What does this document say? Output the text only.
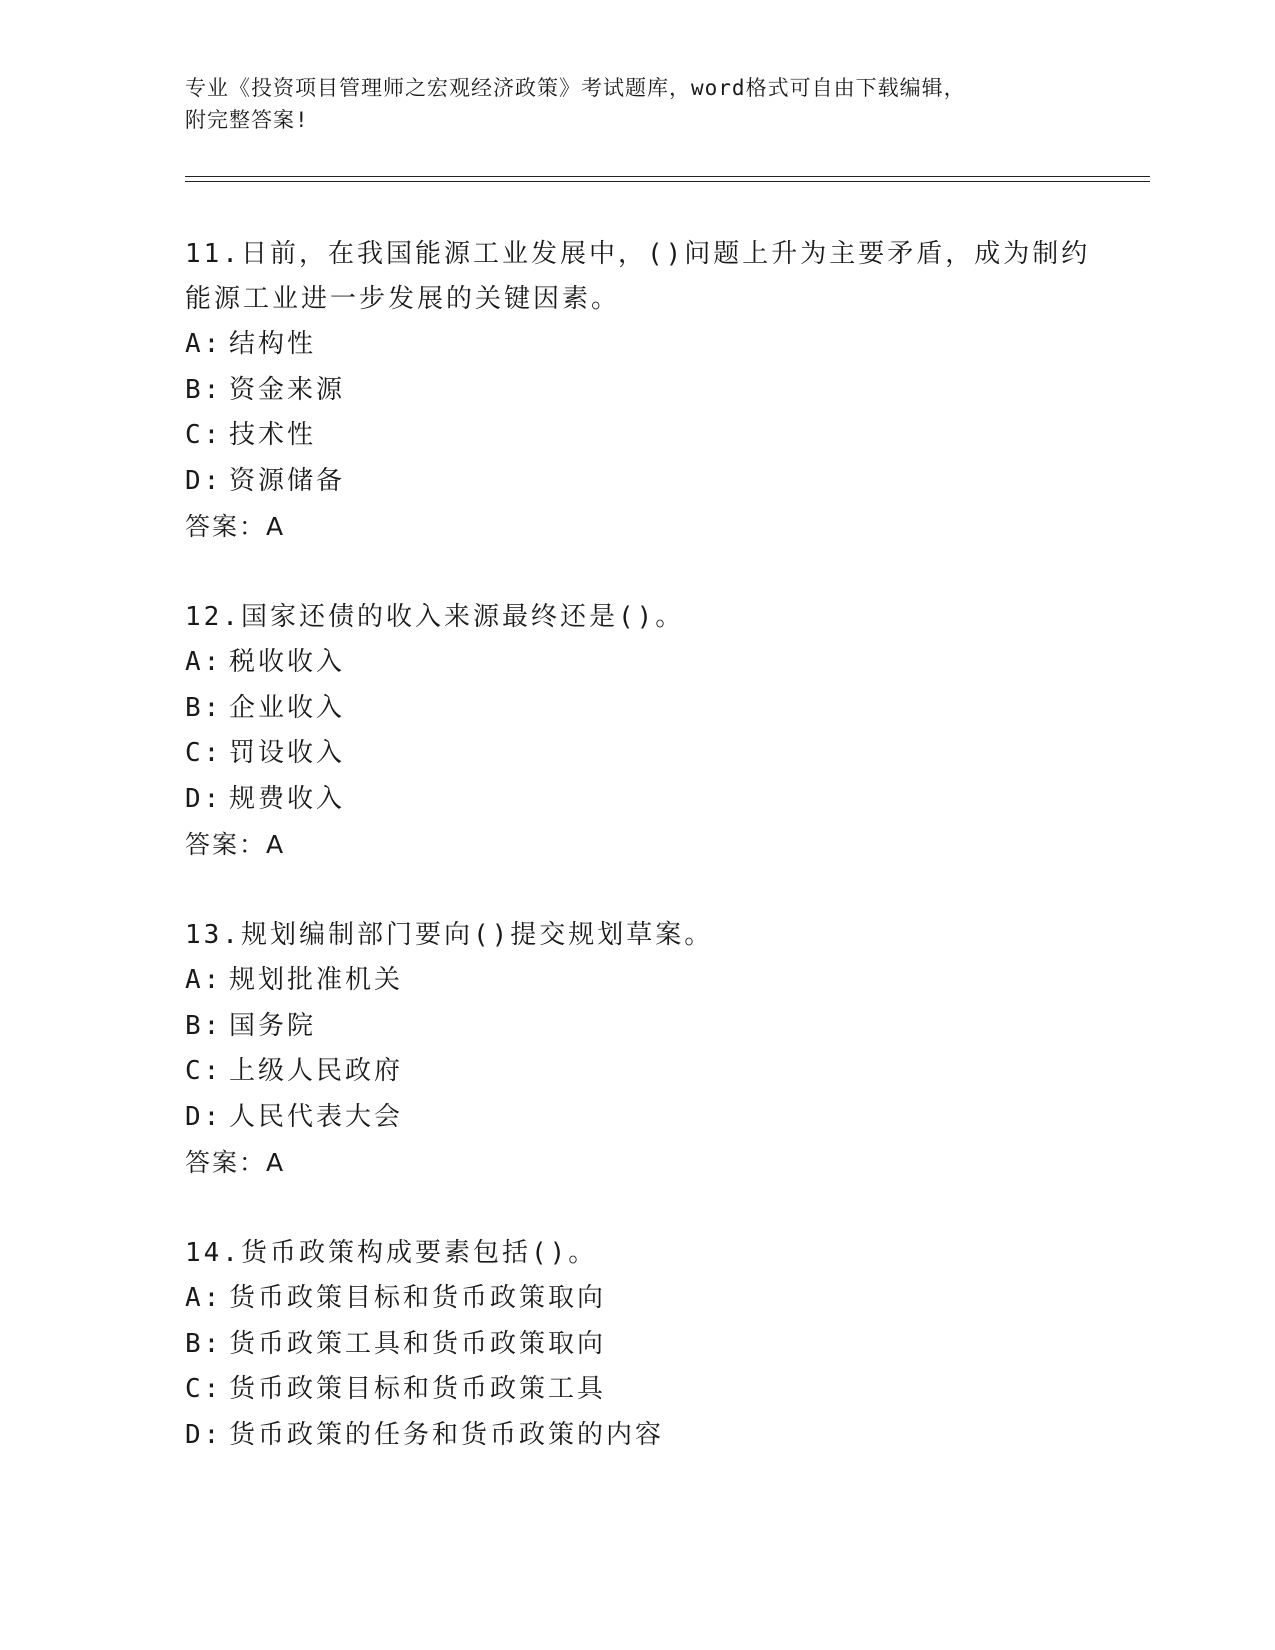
专业《投资项目管理师之宏观经济政策》考试题库，word格式可自由下载编辑，
附完整答案!
11.日前，在我国能源工业发展中，()问题上升为主要矛盾，成为制约
能源工业进一步发展的关键因素。
A: 结构性
B: 资金来源
C: 技术性
D: 资源储备
答案：A
12.国家还债的收入来源最终还是()。
A: 税收收入
B: 企业收入
C: 罚设收入
D: 规费收入
答案：A
13.规划编制部门要向()提交规划草案。
A: 规划批准机关
B: 国务院
C: 上级人民政府
D: 人民代表大会
答案：A
14.货币政策构成要素包括()。
A: 货币政策目标和货币政策取向
B: 货币政策工具和货币政策取向
C: 货币政策目标和货币政策工具
D: 货币政策的任务和货币政策的内容
